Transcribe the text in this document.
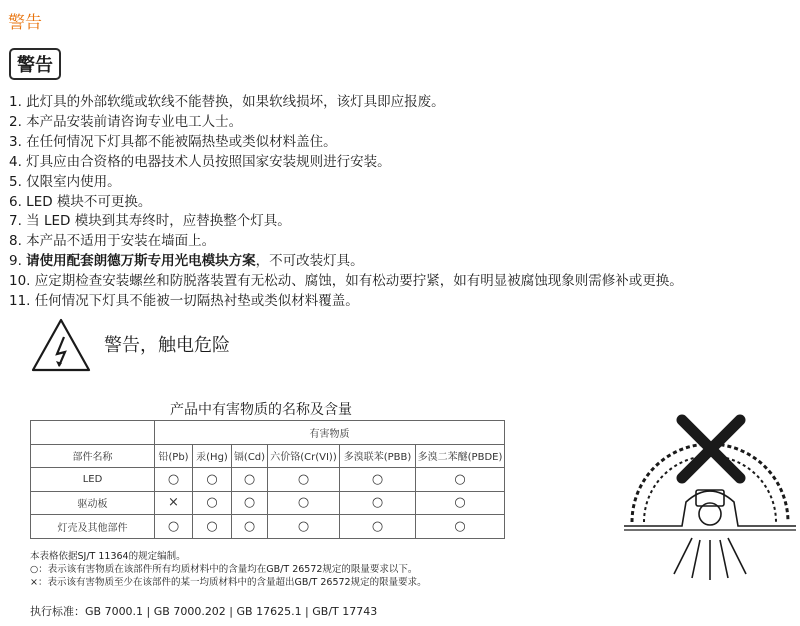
警告
警告
1. 此灯具的外部软缆或软线不能替换，如果软线损坏，该灯具即应报废。
2. 本产品安装前请咨询专业电工人士。
3. 在任何情况下灯具都不能被隔热垫或类似材料盖住。
4. 灯具应由合资格的电器技术人员按照国家安装规则进行安装。
5. 仅限室内使用。
6. LED 模块不可更换。
7. 当 LED 模块到其寿终时，应替换整个灯具。
8. 本产品不适用于安装在墙面上。
9. 请使用配套朗德万斯专用光电模块方案，不可改装灯具。
10. 应定期检查安装螺丝和防脱落装置有无松动、腐蚀，如有松动要拧紧，如有明显被腐蚀现象则需修补或更换。
11. 任何情况下灯具不能被一切隔热衬垫或类似材料覆盖。
警告，触电危险
产品中有害物质的名称及含量
	有害物质					
部件名称	铅(Pb)	汞(Hg)	镉(Cd)	六价铬(Cr(VI))	多溴联苯(PBB)	多溴二苯醚(PBDE)
LED	○	○	○	○	○	○
驱动板	×	○	○	○	○	○
灯壳及其他部件	○	○	○	○	○	○
本表格依据SJ/T 11364的规定编制。
○：表示该有害物质在该部件所有均质材料中的含量均在GB/T 26572规定的限量要求以下。
×：表示该有害物质至少在该部件的某一均质材料中的含量超出GB/T 26572规定的限量要求。
执行标准：GB 7000.1 | GB 7000.202 | GB 17625.1 | GB/T 17743
